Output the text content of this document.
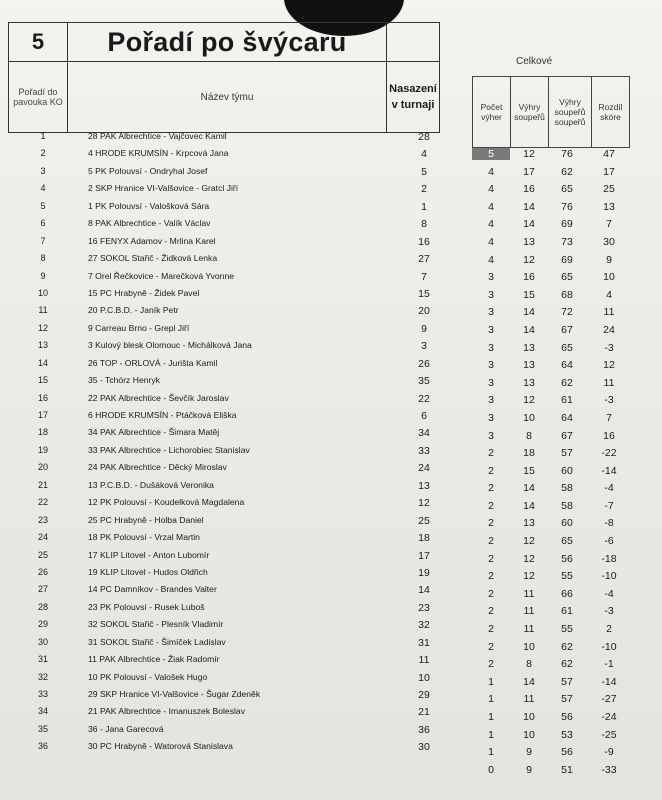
5	Pořadí po švýcaru	
Pořadí do pavouka KO	Název týmu	Nasazení v turnaji
Celkové
Počet výher	Výhry soupeřů	Výhry soupeřů soupeřů	Rozdíl skóre
1	28 PAK Albrechtice - Vajčovec Kamil	28
2	4 HRODE KRUMSÍN - Krpcová Jana	4
3	5 PK Polouvsí - Ondryhal Josef	5
4	2 SKP Hranice VI-Valšovice - Gratcl Jiří	2
5	1 PK Polouvsí - Valošková Sára	1
6	8 PAK Albrechtice - Valík Václav	8
7	16 FENYX Adamov - Mrlina Karel	16
8	27 SOKOL Stařič - Židková Lenka	27
9	7 Orel Řečkovice - Marečková Yvonne	7
10	15 PC Hrabyně - Židek Pavel	15
11	20 P.C.B.D. - Janík Petr	20
12	9 Carreau Brno - Grepl Jiří	9
13	3 Kulový blesk Olomouc - Michálková Jana	3
14	26 TOP - ORLOVÁ - Jurišta Kamil	26
15	35 - Tchórz Henryk	35
16	22 PAK Albrechtice - Ševčík Jaroslav	22
17	6 HRODE KRUMSÍN - Ptáčková Eliška	6
18	34 PAK Albrechtice - Šimara Matěj	34
19	33 PAK Albrechtice - Lichorobiec Stanislav	33
20	24 PAK Albrechtice - Děcký Miroslav	24
21	13 P.C.B.D. - Dušáková Veronika	13
22	12 PK Polouvsí - Koudelková Magdalena	12
23	25 PC Hrabyně - Holba Daniel	25
24	18 PK Polouvsí - Vrzal Martin	18
25	17 KLIP Litovel - Anton Lubomír	17
26	19 KLIP Litovel - Hudos Oldřich	19
27	14 PC Damníkov - Brandes Valter	14
28	23 PK Polouvsí - Rusek Luboš	23
29	32 SOKOL Stařič - Plesník Vladimír	32
30	31 SOKOL Stařič - Šimíček Ladislav	31
31	11 PAK Albrechtice - Žiak Radomír	11
32	10 PK Polouvsí - Valošek Hugo	10
33	29 SKP Hranice VI-Valšovice - Šugar Zdeněk	29
34	21 PAK Albrechtice - Imanuszek Boleslav	21
35	36 - Jana Garecová	36
36	30 PC Hrabyně - Watorová Stanislava	30
5	12	76	47
4	17	62	17
4	16	65	25
4	14	76	13
4	14	69	7
4	13	73	30
4	12	69	9
3	16	65	10
3	15	68	4
3	14	72	11
3	14	67	24
3	13	65	-3
3	13	64	12
3	13	62	11
3	12	61	-3
3	10	64	7
3	8	67	16
2	18	57	-22
2	15	60	-14
2	14	58	-4
2	14	58	-7
2	13	60	-8
2	12	65	-6
2	12	56	-18
2	12	55	-10
2	11	66	-4
2	11	61	-3
2	11	55	2
2	10	62	-10
2	8	62	-1
1	14	57	-14
1	11	57	-27
1	10	56	-24
1	10	53	-25
1	9	56	-9
0	9	51	-33
